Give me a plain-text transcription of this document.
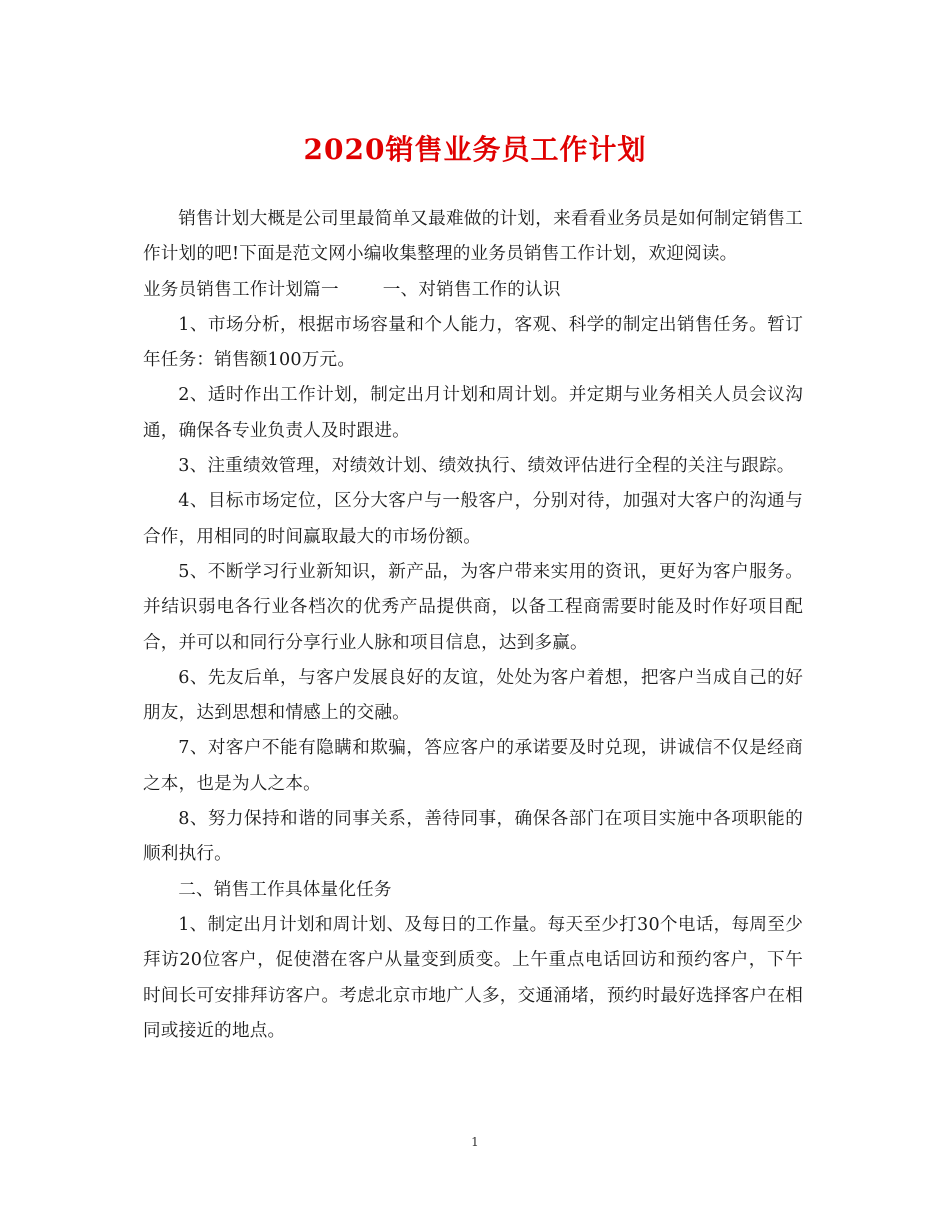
2020销售业务员工作计划

销售计划大概是公司里最简单又最难做的计划，来看看业务员是如何制定销售工作计划的吧!下面是范文网小编收集整理的业务员销售工作计划，欢迎阅读。

业务员销售工作计划篇一	一、对销售工作的认识

1、市场分析，根据市场容量和个人能力，客观、科学的制定出销售任务。暂订年任务：销售额100万元。

2、适时作出工作计划，制定出月计划和周计划。并定期与业务相关人员会议沟通，确保各专业负责人及时跟进。

3、注重绩效管理，对绩效计划、绩效执行、绩效评估进行全程的关注与跟踪。

4、目标市场定位，区分大客户与一般客户，分别对待，加强对大客户的沟通与合作，用相同的时间赢取最大的市场份额。

5、不断学习行业新知识，新产品，为客户带来实用的资讯，更好为客户服务。并结识弱电各行业各档次的优秀产品提供商，以备工程商需要时能及时作好项目配合，并可以和同行分享行业人脉和项目信息，达到多赢。

6、先友后单，与客户发展良好的友谊，处处为客户着想，把客户当成自己的好朋友，达到思想和情感上的交融。

7、对客户不能有隐瞒和欺骗，答应客户的承诺要及时兑现，讲诚信不仅是经商之本，也是为人之本。

8、努力保持和谐的同事关系，善待同事，确保各部门在项目实施中各项职能的顺利执行。

二、销售工作具体量化任务

1、制定出月计划和周计划、及每日的工作量。每天至少打30个电话，每周至少拜访20位客户，促使潜在客户从量变到质变。上午重点电话回访和预约客户，下午时间长可安排拜访客户。考虑北京市地广人多，交通涌堵，预约时最好选择客户在相同或接近的地点。

1
